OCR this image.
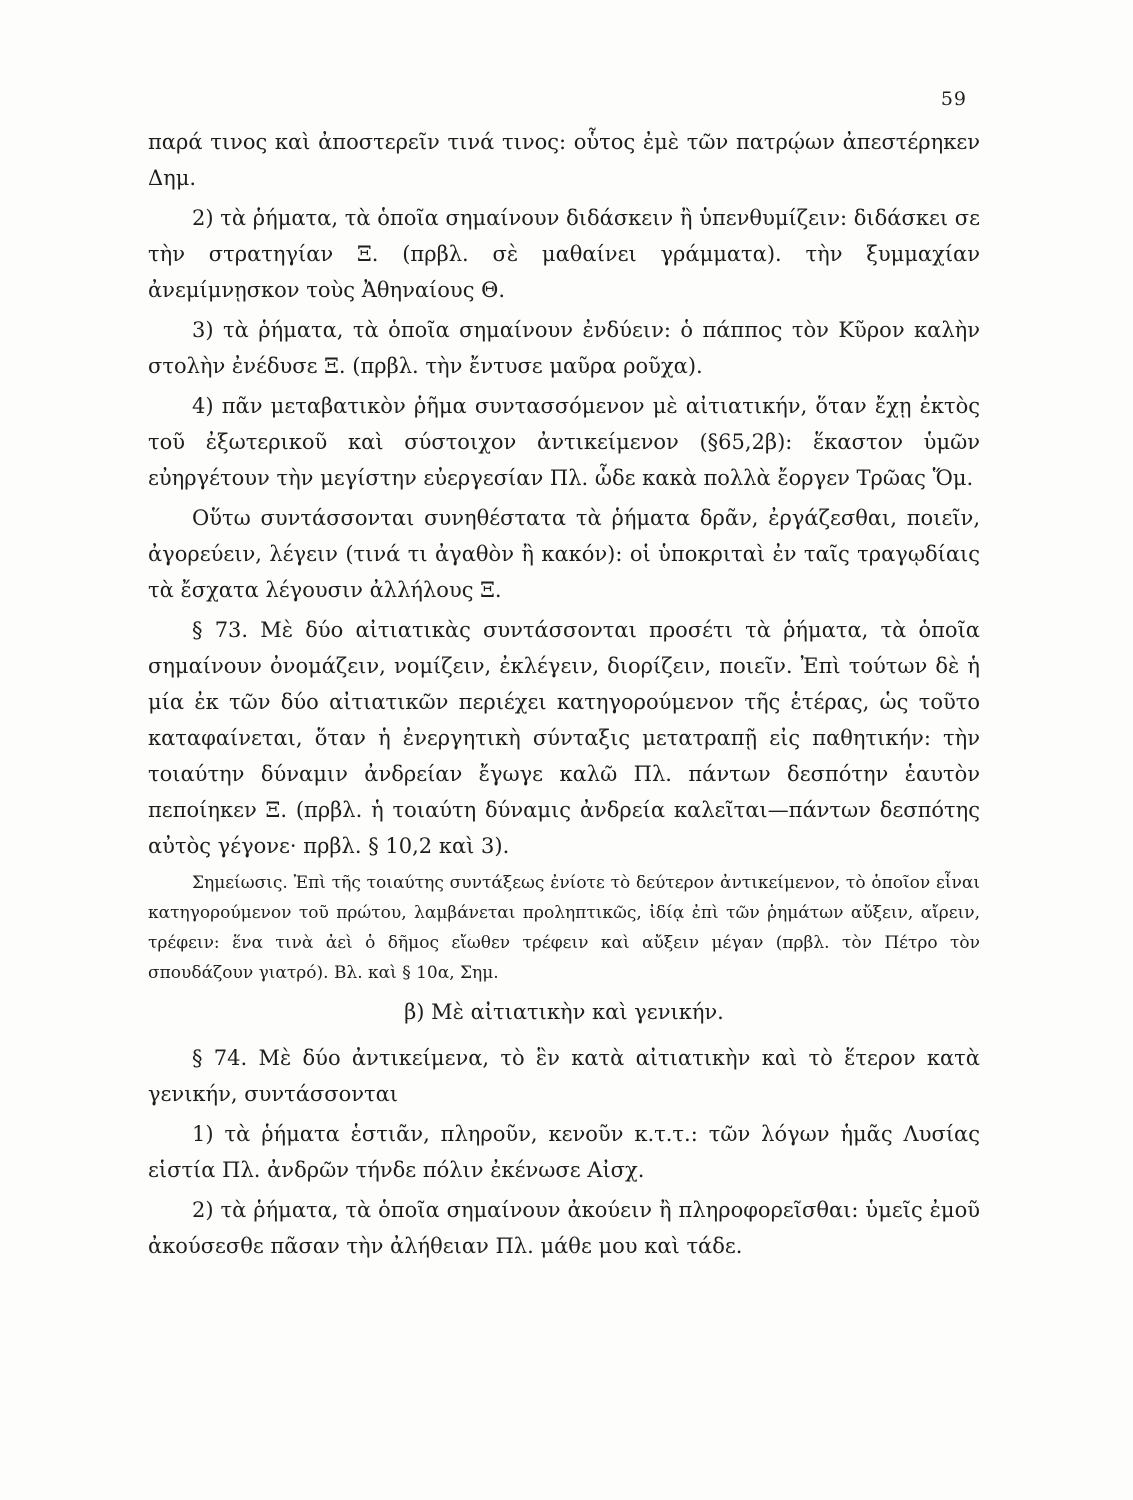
59

παρά τινος καὶ ἀποστερεῖν τινά τινος: οὗτος ἐμὲ τῶν πατρῴων ἀπεστέρηκεν Δημ.

2) τὰ ῥήματα, τὰ ὁποῖα σημαίνουν διδάσκειν ἢ ὑπενθυμίζειν: διδάσκει σε τὴν στρατηγίαν Ξ. (πρβλ. σὲ μαθαίνει γράμματα). τὴν ξυμμαχίαν ἀνεμίμνῃσκον τοὺς Ἀθηναίους Θ.

3) τὰ ῥήματα, τὰ ὁποῖα σημαίνουν ἐνδύειν: ὁ πάππος τὸν Κῦρον καλὴν στολὴν ἐνέδυσε Ξ. (πρβλ. τὴν ἔντυσε μαῦρα ροῦχα).

4) πᾶν μεταβατικὸν ῥῆμα συντασσόμενον μὲ αἰτιατικήν, ὅταν ἔχῃ ἐκτὸς τοῦ ἐξωτερικοῦ καὶ σύστοιχον ἀντικείμενον (§65,2β): ἕκαστον ὑμῶν εὐηργέτουν τὴν μεγίστην εὐεργεσίαν Πλ. ὧδε κακὰ πολλὰ ἔοργεν Τρῶας Ὅμ.

Οὕτω συντάσσονται συνηθέστατα τὰ ῥήματα δρᾶν, ἐργάζεσθαι, ποιεῖν, ἀγορεύειν, λέγειν (τινά τι ἀγαθὸν ἢ κακόν): οἱ ὑποκριταὶ ἐν ταῖς τραγῳδίαις τὰ ἔσχατα λέγουσιν ἀλλήλους Ξ.

§ 73. Μὲ δύο αἰτιατικὰς συντάσσονται προσέτι τὰ ῥήματα, τὰ ὁποῖα σημαίνουν ὀνομάζειν, νομίζειν, ἐκλέγειν, διορίζειν, ποιεῖν. Ἐπὶ τούτων δὲ ἡ μία ἐκ τῶν δύο αἰτιατικῶν περιέχει κατηγορούμενον τῆς ἑτέρας, ὡς τοῦτο καταφαίνεται, ὅταν ἡ ἐνεργητικὴ σύνταξις μετατραπῇ εἰς παθητικήν: τὴν τοιαύτην δύναμιν ἀνδρείαν ἔγωγε καλῶ Πλ. πάντων δεσπότην ἑαυτὸν πεποίηκεν Ξ. (πρβλ. ἡ τοιαύτη δύναμις ἀνδρεία καλεῖται—πάντων δεσπότης αὐτὸς γέγονε· πρβλ. § 10,2 καὶ 3).

Σημείωσις. Ἐπὶ τῆς τοιαύτης συντάξεως ἐνίοτε τὸ δεύτερον ἀντικείμενον, τὸ ὁποῖον εἶναι κατηγορούμενον τοῦ πρώτου, λαμβάνεται προληπτικῶς, ἰδίᾳ ἐπὶ τῶν ῥημάτων αὔξειν, αἴρειν, τρέφειν: ἕνα τινὰ ἀεὶ ὁ δῆμος εἴωθεν τρέφειν καὶ αὔξειν μέγαν (πρβλ. τὸν Πέτρο τὸν σπουδάζουν γιατρό). Βλ. καὶ § 10α, Σημ.

β) Μὲ αἰτιατικὴν καὶ γενικήν.

§ 74. Μὲ δύο ἀντικείμενα, τὸ ἓν κατὰ αἰτιατικὴν καὶ τὸ ἕτερον κατὰ γενικήν, συντάσσονται

1) τὰ ῥήματα ἑστιᾶν, πληροῦν, κενοῦν κ.τ.τ.: τῶν λόγων ἡμᾶς Λυσίας εἱστία Πλ. ἀνδρῶν τήνδε πόλιν ἐκένωσε Αἰσχ.

2) τὰ ῥήματα, τὰ ὁποῖα σημαίνουν ἀκούειν ἢ πληροφορεῖσθαι: ὑμεῖς ἐμοῦ ἀκούσεσθε πᾶσαν τὴν ἀλήθειαν Πλ. μάθε μου καὶ τάδε.
